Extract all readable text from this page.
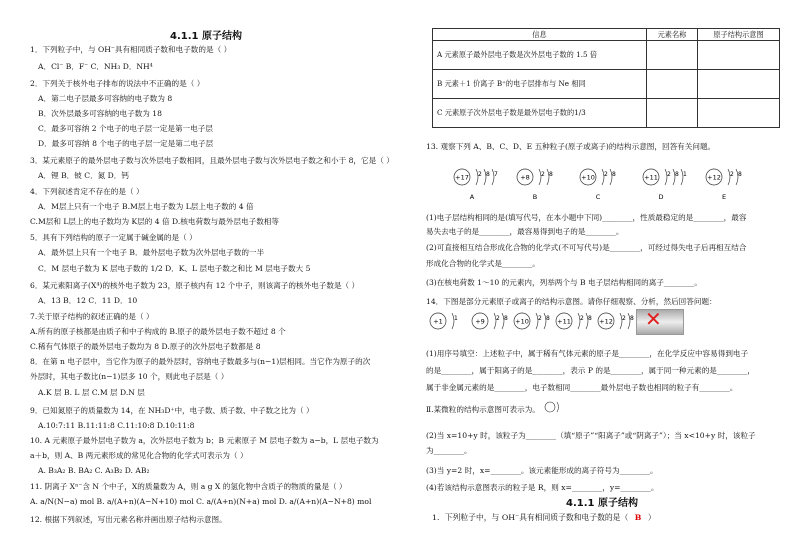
4.1.1 原子结构
1．下列粒子中，与 OH⁻具有相同质子数和电子数的是（ ）
A．Cl⁻ B．F⁻ C．NH₃ D．NH⁴
2．下列关于核外电子排布的说法中不正确的是（ ）
A．第二电子层最多可容纳的电子数为 8
B．次外层最多可容纳的电子数为 18
C．最多可容纳 2 个电子的电子层一定是第一电子层
D．最多可容纳 8 个电子的电子层一定是第二电子层
3．某元素原子的最外层电子数与次外层电子数相同，且最外层电子数与次外层电子数之和小于 8，它是（ ）
A．锂 B．铍 C．氮 D．钙
4．下列叙述肯定不存在的是（ ）
A．M层上只有一个电子 B.M层上电子数为 L层上电子数的 4 倍
C.M层和 L层上的电子数均为 K层的 4 倍 D.核电荷数与最外层电子数相等
5．具有下列结构的原子一定属于碱金属的是（ ）
A．最外层上只有一个电子 B．最外层电子数为次外层电子数的一半
C．M 层电子数为 K 层电子数的 1/2 D．K、L 层电子数之和比 M 层电子数大 5
6．某元素阳离子(X⁴)的核外电子数为 23，原子核内有 12 个中子，则该离子的核外电子数是（ ）
A．13 B．12 C．11 D．10
7.关于原子结构的叙述正确的是（ ）
A.所有的原子核都是由质子和中子构成的 B.原子的最外层电子数不超过 8 个
C.稀有气体原子的最外层电子数均为 8 D.原子的次外层电子数都是 8
8．在第 n 电子层中，当它作为原子的最外层时，容纳电子数最多与(n−1)层相同。当它作为原子的次
外层时，其电子数比(n−1)层多 10 个，则此电子层是（ ）
A.K 层 B. L 层 C.M 层 D.N 层
9．已知氮原子的质量数为 14，在 NH₃D⁺中，电子数、质子数、中子数之比为（ ）
A.10:7:11 B.11:11:8 C.11:10:8 D.10:11:8
10. A 元素原子最外层电子数为 a，次外层电子数为 b；B 元素原子 M 层电子数为 a−b，L 层电子数为
a＋b，则 A、B 两元素形成的常见化合物的化学式可表示为（ ）
A. B₃A₂ B. BA₂ C. A₃B₂ D. AB₂
11. 阴离子 Xⁿ⁻含 N 个中子，X的质量数为 A，则 a g X 的氢化物中含质子的物质的量是（ ）
A. a/N(N−a) mol B. a/(A+n)(A−N+10) mol C. a/(A+n)(N+a) mol D. a/(A+n)(A−N+8) mol
12. 根据下列叙述，写出元素名称并画出原子结构示意图。
信息	元素名称	原子结构示意图
A 元素原子最外层电子数是次外层电子数的 1.5 倍		
B 元素＋1 价离子 B⁺的电子层排布与 Ne 相同		
C 元素原子次外层电子数是最外层电子数的1/3		
13. 观察下列 A、B、C、D、E 五种粒子(原子或离子)的结构示意图，回答有关问题。
(1)电子层结构相同的是(填写代号，在本小题中下同)________，性质最稳定的是________，最容
易失去电子的是________，最容易得到电子的是________。
(2)可直接相互结合形成化合物的化学式(不可写代号)是________，可经过得失电子后再相互结合
形成化合物的化学式是________。
(3)在核电荷数 1～10 的元素内，列举两个与 B 电子层结构相同的离子________。
14．下图是部分元素原子或离子的结构示意图。请你仔细观察、分析，然后回答问题：
(1)用序号填空：上述粒子中，属于稀有气体元素的原子是________，在化学反应中容易得到电子
的是________，属于阳离子的是________，表示 P 的是________，属于同一种元素的是________，
属于非金属元素的是________，电子数相同________最外层电子数也相同的粒子有________。
Ⅱ.某微粒的结构示意图可表示为。
(2)当 x=10+y 时，该粒子为________（填“原子”“阳离子”或“阴离子”）；当 x<10+y 时，该粒子
为________。
(3)当 y=2 时，x=________。该元素能形成的离子符号为________。
(4)若该结构示意图表示的粒子是 R，则 x=________，y=________。
+17 2 8 7
A
+8 2 8
B
+10 2 8
C
+11 2 8 1
D
+12 2 8
E
+1 1	+9 2 8 +10 2 8 +11 2 8 +12 2 8 ✕
4.1.1 原子结构
1．下列粒子中，与 OH⁻具有相同质子数和电子数的是（ B ）
